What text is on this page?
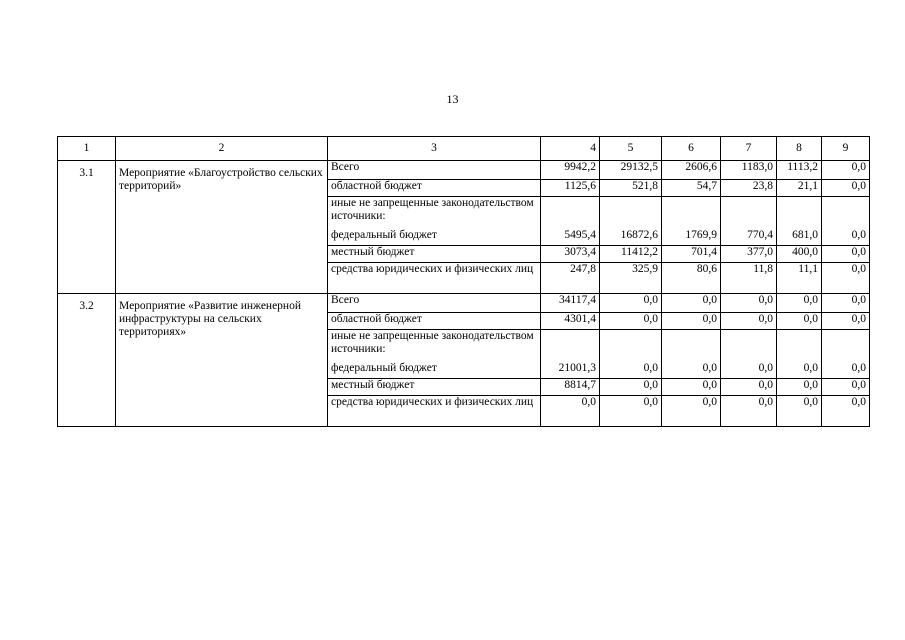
13
1	2	3	4	5	6	7	8	9
3.1	Мероприятие «Благоустройство сельских территорий»	Всего	9942,2	29132,5	2606,6	1183,0	1113,2	0,0
		областной бюджет	1125,6	521,8	54,7	23,8	21,1	0,0
		иные не запрещенные законодательством источники:						
		федеральный бюджет	5495,4	16872,6	1769,9	770,4	681,0	0,0
		местный бюджет	3073,4	11412,2	701,4	377,0	400,0	0,0
		средства юридических и физических лиц	247,8	325,9	80,6	11,8	11,1	0,0
3.2	Мероприятие «Развитие инженерной инфраструктуры на сельских территориях»	Всего	34117,4	0,0	0,0	0,0	0,0	0,0
		областной бюджет	4301,4	0,0	0,0	0,0	0,0	0,0
		иные не запрещенные законодательством источники:						
		федеральный бюджет	21001,3	0,0	0,0	0,0	0,0	0,0
		местный бюджет	8814,7	0,0	0,0	0,0	0,0	0,0
		средства юридических и физических лиц	0,0	0,0	0,0	0,0	0,0	0,0
